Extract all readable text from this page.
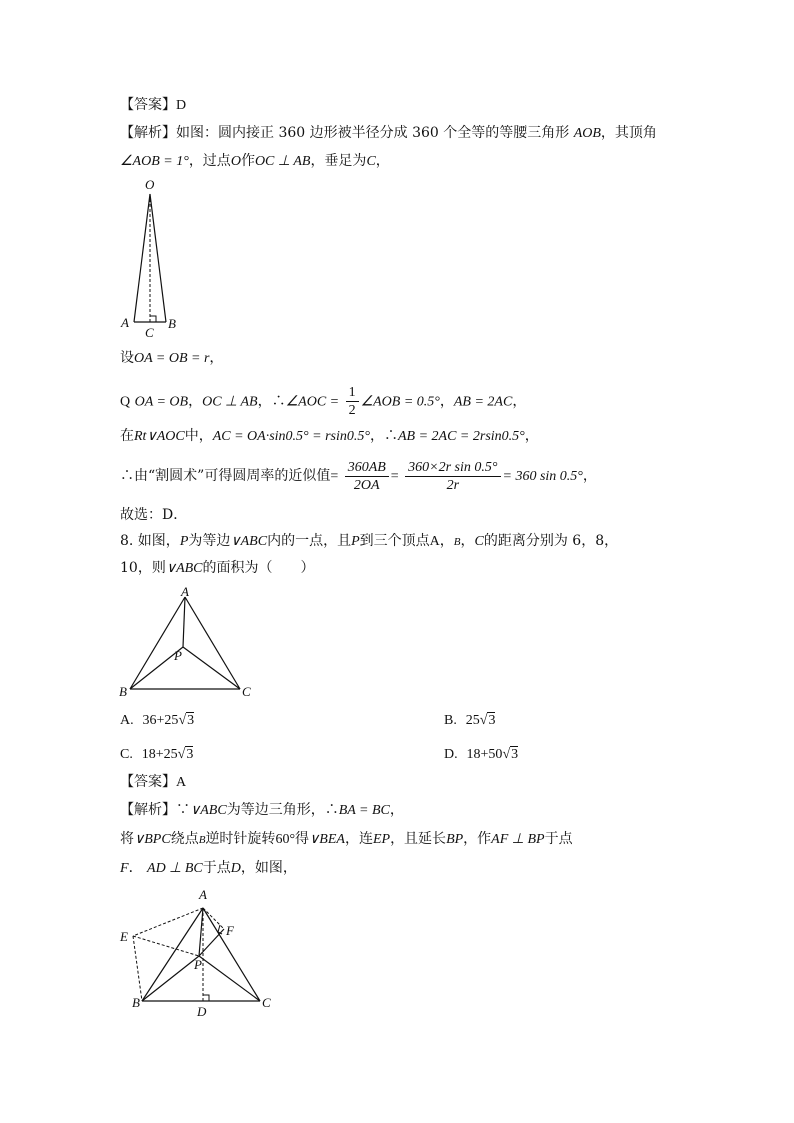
【答案】D
【解析】如图：圆内接正 360 边形被半径分成 360 个全等的等腰三角形 AOB，其顶角
∠AOB = 1°，过点O作OC ⊥ AB，垂足为C，
O
A	B
C
设OA = OB = r，
Q OA = OB，OC ⊥ AB，∴∠AOC = $\frac{1}{2}$ ∠AOB = 0.5°，AB = 2AC，
在Rt∨AOC中，AC = OA·sin0.5° = rsin0.5°，∴AB = 2AC = 2rsin0.5°，
∴由“割圆术”可得圆周率的近似值= $\frac{360AB}{2OA} = \frac{\text{360×2r sin 0.5°}}{2r} = 360$ sin 0.5°，
故选：D．
8. 如图，P为等边∨ABC内的一点，且P到三个顶点A，B，C的距离分别为 6，8，
10，则∨ABC的面积为（　　）
A
B	C
P
A. 36+25√3	B. 25√3
C. 18+25√3	D. 18+50√3
【答案】A
【解析】∵∨ABC为等边三角形，∴BA = BC，
将∨BPC绕点B逆时针旋转60°得∨BEA，连EP，且延长BP，作AF ⊥ BP于点
F． AD ⊥ BC于点D，如图，
A
E	F
P
B	C
D
